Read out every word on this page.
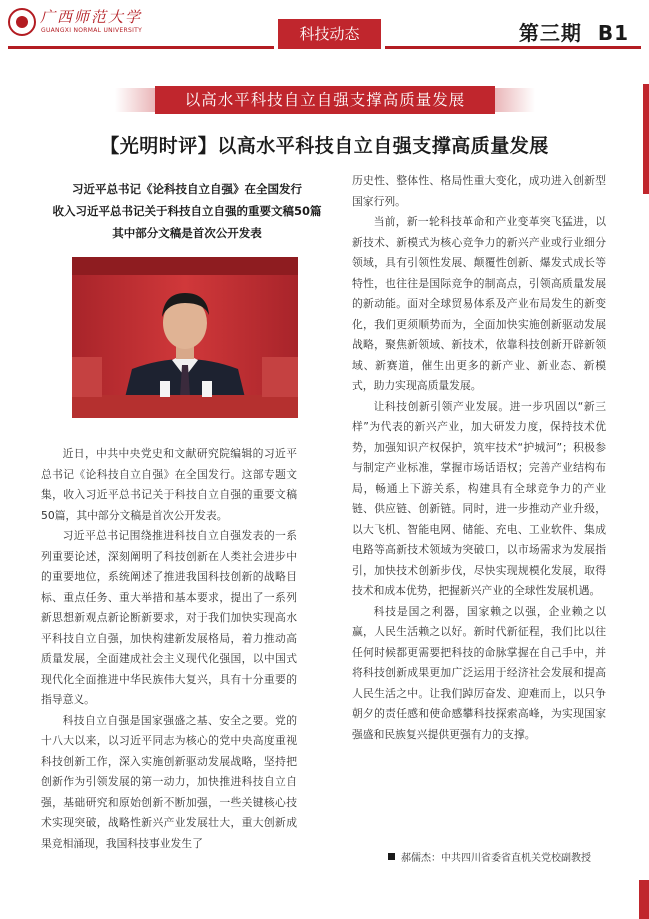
广西师范大学
GUANGXI NORMAL UNIVERSITY	科技动态	第三期 B1
以高水平科技自立自强支撑高质量发展
【光明时评】以高水平科技自立自强支撑高质量发展
习近平总书记《论科技自立自强》在全国发行
收入习近平总书记关于科技自立自强的重要文稿50篇
其中部分文稿是首次公开发表

近日，中共中央党史和文献研究院编辑的习近平总书记《论科技自立自强》在全国发行。这部专题文集，收入习近平总书记关于科技自立自强的重要文稿50篇，其中部分文稿是首次公开发表。

习近平总书记围绕推进科技自立自强发表的一系列重要论述，深刻阐明了科技创新在人类社会进步中的重要地位，系统阐述了推进我国科技创新的战略目标、重点任务、重大举措和基本要求，提出了一系列新思想新观点新论断新要求，对于我们加快实现高水平科技自立自强，加快构建新发展格局，着力推动高质量发展，全面建成社会主义现代化强国，以中国式现代化全面推进中华民族伟大复兴，具有十分重要的指导意义。

科技自立自强是国家强盛之基、安全之要。党的十八大以来，以习近平同志为核心的党中央高度重视科技创新工作，深入实施创新驱动发展战略，坚持把创新作为引领发展的第一动力，加快推进科技自立自强，基础研究和原始创新不断加强，一些关键核心技术实现突破，战略性新兴产业发展壮大，重大创新成果竞相涌现，我国科技事业发生了

历史性、整体性、格局性重大变化，成功进入创新型国家行列。

当前，新一轮科技革命和产业变革突飞猛进，以新技术、新模式为核心竞争力的新兴产业或行业细分领域，具有引领性发展、颠覆性创新、爆发式成长等特性，也往往是国际竞争的制高点，引领高质量发展的新动能。面对全球贸易体系及产业布局发生的新变化，我们更须顺势而为，全面加快实施创新驱动发展战略，聚焦新领域、新技术，依靠科技创新开辟新领域、新赛道，催生出更多的新产业、新业态、新模式，助力实现高质量发展。

让科技创新引领产业发展。进一步巩固以“新三样”为代表的新兴产业，加大研发力度，保持技术优势，加强知识产权保护，筑牢技术“护城河”；积极参与制定产业标准，掌握市场话语权；完善产业结构布局，畅通上下游关系，构建具有全球竞争力的产业链、供应链、创新链。同时，进一步推动产业升级，以大飞机、智能电网、储能、充电、工业软件、集成电路等高新技术领域为突破口，以市场需求为发展指引，加快技术创新步伐，尽快实现规模化发展，取得技术和成本优势，把握新兴产业的全球性发展机遇。

科技是国之利器，国家赖之以强，企业赖之以赢，人民生活赖之以好。新时代新征程，我们比以往任何时候都更需要把科技的命脉掌握在自己手中，并将科技创新成果更加广泛运用于经济社会发展和提高人民生活之中。让我们踔厉奋发、迎难而上，以只争朝夕的责任感和使命感攀科技探索高峰，为实现国家强盛和民族复兴提供更强有力的支撑。

郝儒杰：中共四川省委省直机关党校副教授
